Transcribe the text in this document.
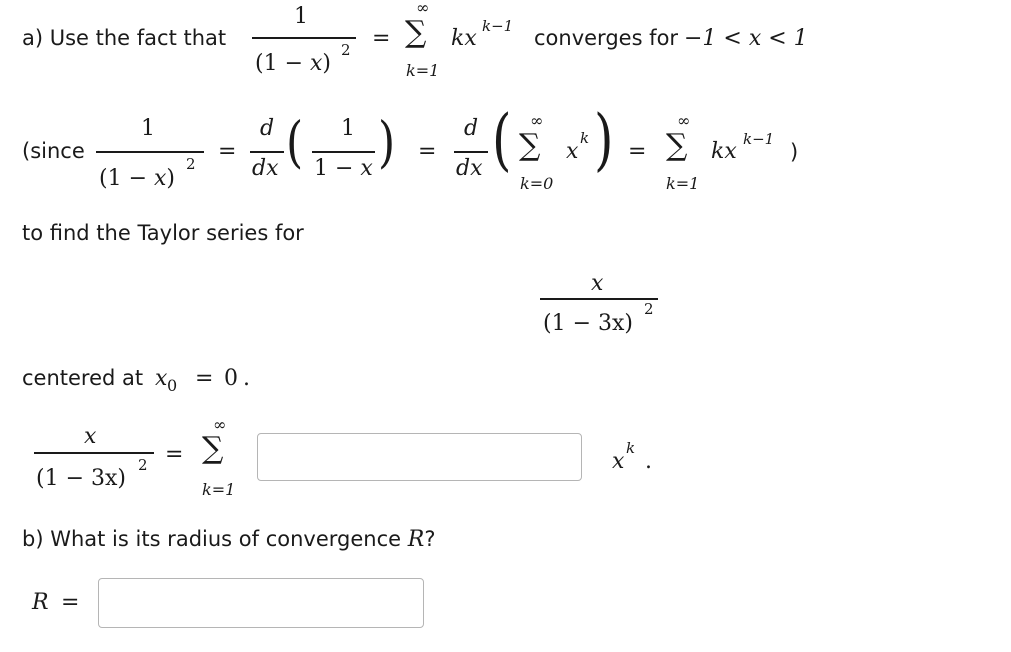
a) Use the fact that
1
(1 − x)
2 =
∞
∑
k=1
kx k−1 converges for −1 < x < 1
(since
1
(1 − x)
2 =
d
dx ( 1
1 − x ) =
d
dx ( ∞
∑
k=0
x
k ) =
∞
∑
k=1
kx k−1
)
to find the Taylor series for
x
(1 − 3x)
2
centered at x 0 = 0 .
x
(1 − 3x)
2 =
∞
∑
k=1
x
k
.
b) What is its radius of convergence R?
R =
